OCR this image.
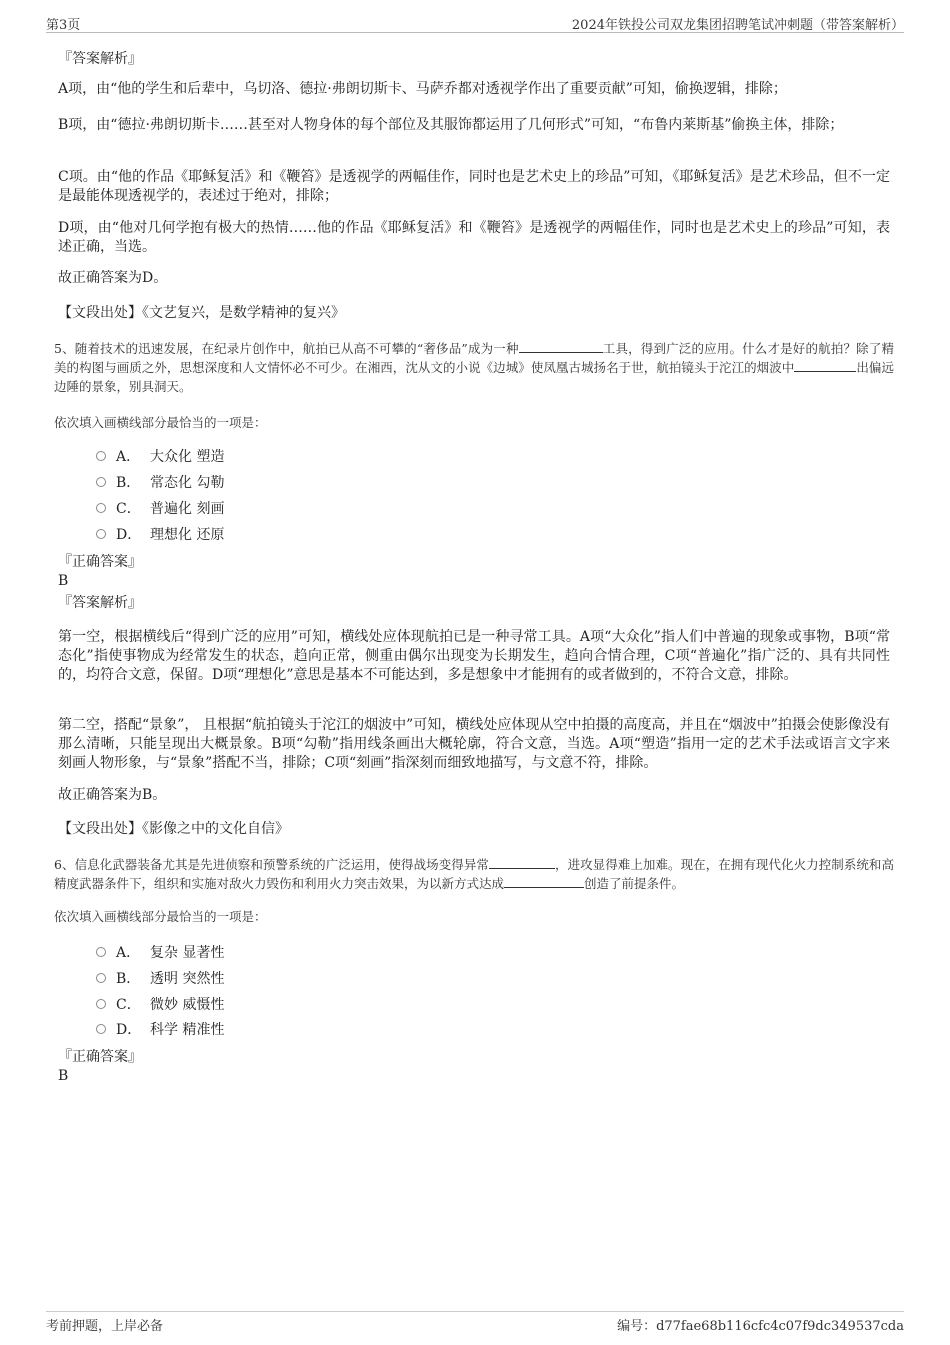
第3页	2024年铁投公司双龙集团招聘笔试冲刺题（带答案解析）
『答案解析』
A项，由“他的学生和后辈中，乌切洛、德拉·弗朗切斯卡、马萨乔都对透视学作出了重要贡献”可知，偷换逻辑，排除；
B项，由“德拉·弗朗切斯卡……甚至对人物身体的每个部位及其服饰都运用了几何形式”可知，“布鲁内莱斯基”偷换主体，排除；
C项。由“他的作品《耶稣复活》和《鞭笞》是透视学的两幅佳作，同时也是艺术史上的珍品”可知，《耶稣复活》是艺术珍品，但不一定是最能体现透视学的，表述过于绝对，排除；
D项，由“他对几何学抱有极大的热情……他的作品《耶稣复活》和《鞭笞》是透视学的两幅佳作，同时也是艺术史上的珍品”可知，表述正确，当选。
故正确答案为D。
【文段出处】《文艺复兴，是数学精神的复兴》
5、随着技术的迅速发展，在纪录片创作中，航拍已从高不可攀的“奢侈品”成为一种	工具，得到广泛的应用。什么才是好的航拍？除了精美的构图与画质之外，思想深度和人文情怀必不可少。在湘西，沈从文的小说《边城》使凤凰古城扬名于世，航拍镜头于沱江的烟波中	出偏远边陲的景象，别具洞天。
依次填入画横线部分最恰当的一项是：
A． 大众化 塑造
B． 常态化 勾勒
C． 普遍化 刻画
D． 理想化 还原
『正确答案』
B
『答案解析』
第一空，根据横线后“得到广泛的应用”可知，横线处应体现航拍已是一种寻常工具。A项“大众化”指人们中普遍的现象或事物，B项“常态化”指使事物成为经常发生的状态，趋向正常，侧重由偶尔出现变为长期发生，趋向合情合理，C项“普遍化”指广泛的、具有共同性的，均符合文意，保留。D项“理想化”意思是基本不可能达到，多是想象中才能拥有的或者做到的，不符合文意，排除。
第二空，搭配“景象”， 且根据“航拍镜头于沱江的烟波中”可知，横线处应体现从空中拍摄的高度高，并且在“烟波中”拍摄会使影像没有那么清晰，只能呈现出大概景象。B项“勾勒”指用线条画出大概轮廓，符合文意，当选。A项“塑造”指用一定的艺术手法或语言文字来刻画人物形象，与“景象”搭配不当，排除；C项“刻画”指深刻而细致地描写，与文意不符，排除。
故正确答案为B。
【文段出处】《影像之中的文化自信》
6、信息化武器装备尤其是先进侦察和预警系统的广泛运用，使得战场变得异常	，进攻显得难上加难。现在，在拥有现代化火力控制系统和高精度武器条件下，组织和实施对敌火力毁伤和利用火力突击效果，为以新方式达成	创造了前提条件。
依次填入画横线部分最恰当的一项是：
A． 复杂 显著性
B． 透明 突然性
C． 微妙 威慑性
D． 科学 精准性
『正确答案』
B
考前押题，上岸必备	编号：d77fae68b116cfc4c07f9dc349537cda
